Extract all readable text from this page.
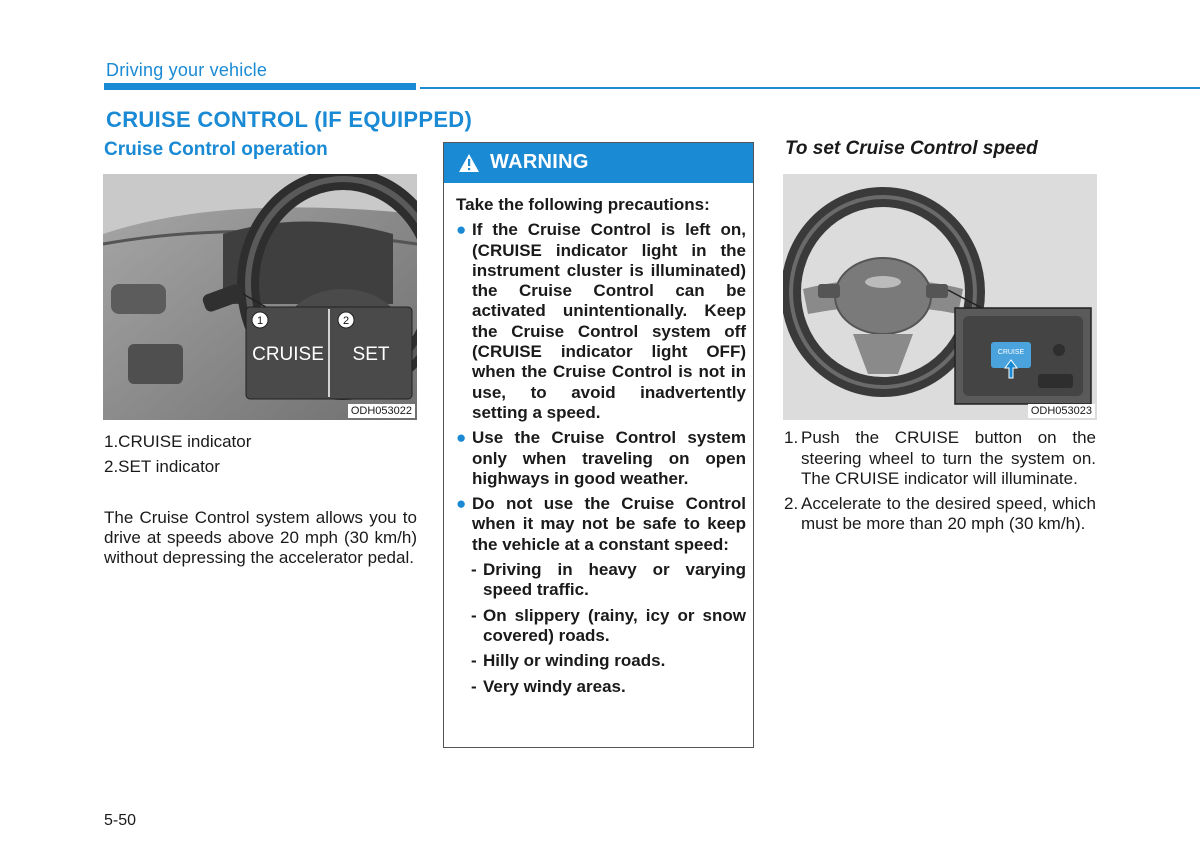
Driving your vehicle
CRUISE CONTROL (IF EQUIPPED)
Cruise Control operation
1	2
CRUISE SET
ODH053022
1.CRUISE indicator
2.SET indicator
The Cruise Control system allows you to drive at speeds above 20 mph (30 km/h) without depressing the accelerator pedal.
WARNING
Take the following precautions:
● If the Cruise Control is left on, (CRUISE indicator light in the instrument cluster is illuminated) the Cruise Control can be activated unintentionally. Keep the Cruise Control system off (CRUISE indicator light OFF) when the Cruise Control is not in use, to avoid inadvertently setting a speed.
● Use the Cruise Control system only when traveling on open highways in good weather.
● Do not use the Cruise Control when it may not be safe to keep the vehicle at a constant speed:
- Driving in heavy or varying speed traffic.
- On slippery (rainy, icy or snow covered) roads.
- Hilly or winding roads.
- Very windy areas.
To set Cruise Control speed
CRUISE
ODH053023
1. Push the CRUISE button on the steering wheel to turn the system on. The CRUISE indicator will illuminate.
2. Accelerate to the desired speed, which must be more than 20 mph (30 km/h).
5-50
